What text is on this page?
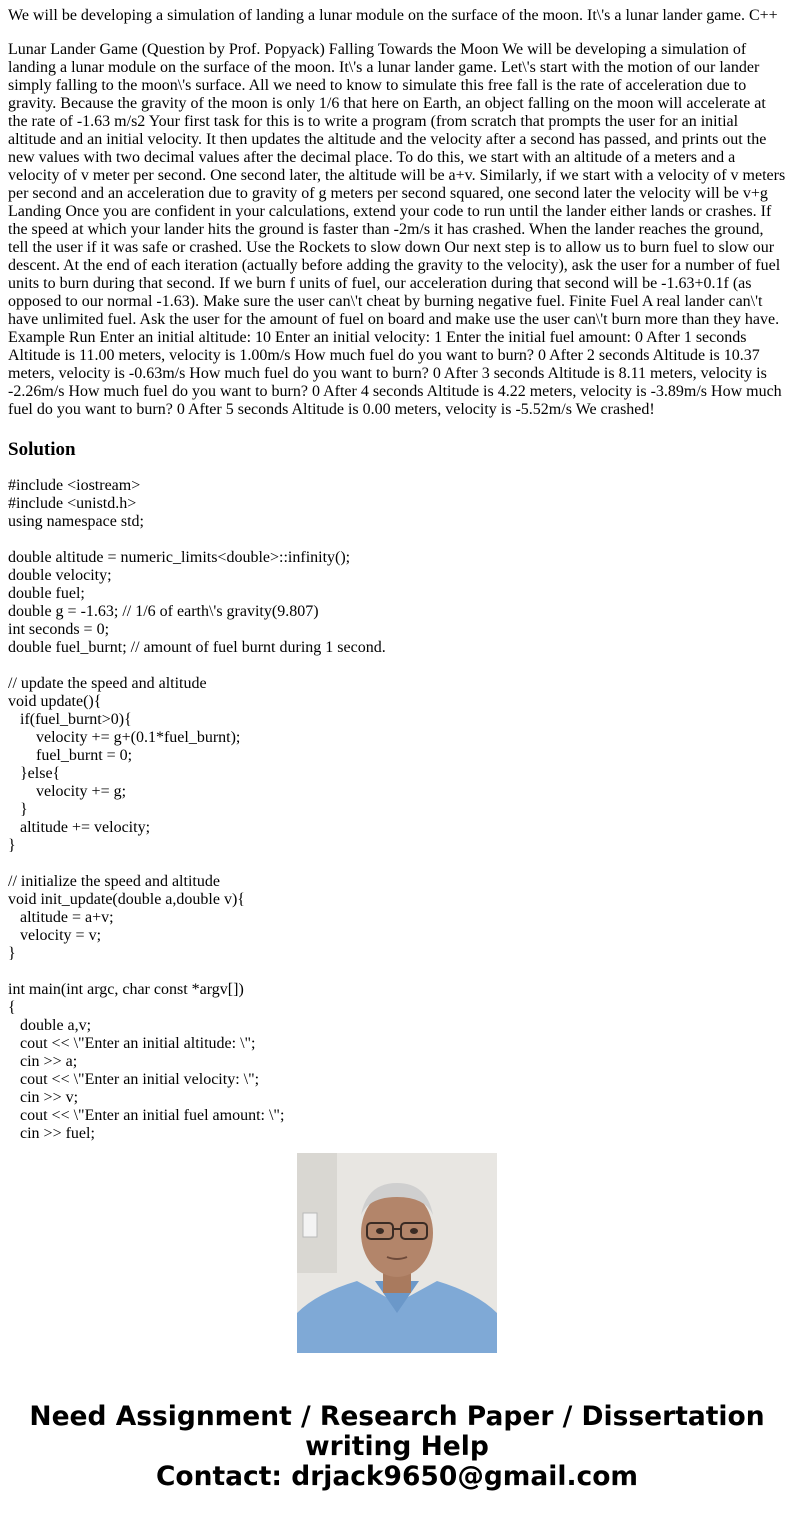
We will be developing a simulation of landing a lunar module on the surface of the moon. It\'s a lunar lander game. C++

Lunar Lander Game (Question by Prof. Popyack) Falling Towards the Moon We will be developing a simulation of landing a lunar module on the surface of the moon. It\'s a lunar lander game. Let\'s start with the motion of our lander simply falling to the moon\'s surface. All we need to know to simulate this free fall is the rate of acceleration due to gravity. Because the gravity of the moon is only 1/6 that here on Earth, an object falling on the moon will accelerate at the rate of -1.63 m/s2 Your first task for this is to write a program (from scratch that prompts the user for an initial altitude and an initial velocity. It then updates the altitude and the velocity after a second has passed, and prints out the new values with two decimal values after the decimal place. To do this, we start with an altitude of a meters and a velocity of v meter per second. One second later, the altitude will be a+v. Similarly, if we start with a velocity of v meters per second and an acceleration due to gravity of g meters per second squared, one second later the velocity will be v+g Landing Once you are confident in your calculations, extend your code to run until the lander either lands or crashes. If the speed at which your lander hits the ground is faster than -2m/s it has crashed. When the lander reaches the ground, tell the user if it was safe or crashed. Use the Rockets to slow down Our next step is to allow us to burn fuel to slow our descent. At the end of each iteration (actually before adding the gravity to the velocity), ask the user for a number of fuel units to burn during that second. If we burn f units of fuel, our acceleration during that second will be -1.63+0.1f (as opposed to our normal -1.63). Make sure the user can\'t cheat by burning negative fuel. Finite Fuel A real lander can\'t have unlimited fuel. Ask the user for the amount of fuel on board and make use the user can\'t burn more than they have. Example Run Enter an initial altitude: 10 Enter an initial velocity: 1 Enter the initial fuel amount: 0 After 1 seconds Altitude is 11.00 meters, velocity is 1.00m/s How much fuel do you want to burn? 0 After 2 seconds Altitude is 10.37 meters, velocity is -0.63m/s How much fuel do you want to burn? 0 After 3 seconds Altitude is 8.11 meters, velocity is -2.26m/s How much fuel do you want to burn? 0 After 4 seconds Altitude is 4.22 meters, velocity is -3.89m/s How much fuel do you want to burn? 0 After 5 seconds Altitude is 0.00 meters, velocity is -5.52m/s We crashed!

Solution
#include <iostream>
#include <unistd.h>
using namespace std;
double altitude = numeric_limits<double>::infinity();
double velocity;
double fuel;
double g = -1.63; // 1/6 of earth\'s gravity(9.807)
int seconds = 0;
double fuel_burnt; // amount of fuel burnt during 1 second.
// update the speed and altitude
void update(){
if(fuel_burnt>0){
velocity += g+(0.1*fuel_burnt);
fuel_burnt = 0;
}else{
velocity += g;
}
altitude += velocity;
}
// initialize the speed and altitude
void init_update(double a,double v){
altitude = a+v;
velocity = v;
}
int main(int argc, char const *argv[])
{
double a,v;
cout << \"Enter an initial altitude: \";
cin >> a;
cout << \"Enter an initial velocity: \";
cin >> v;
cout << \"Enter an initial fuel amount: \";
cin >> fuel;
Need Assignment / Research Paper / Dissertation
writing Help
Contact: drjack9650@gmail.com
